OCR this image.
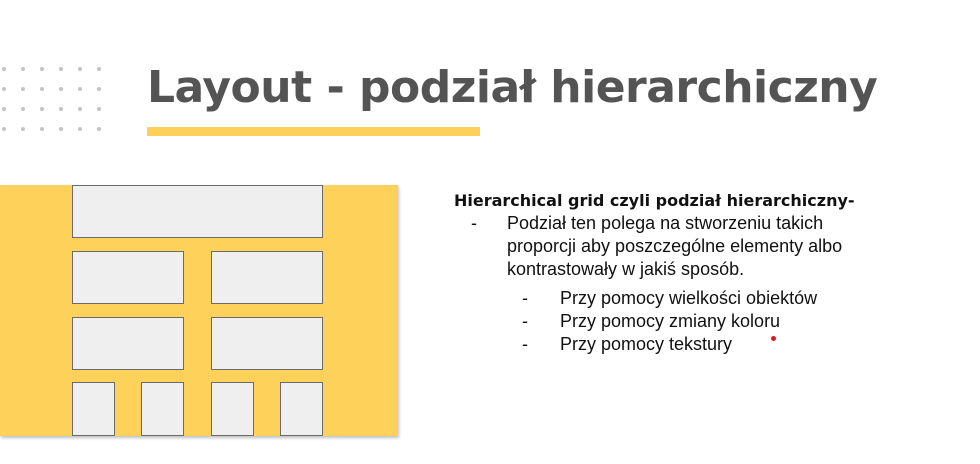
Layout - podział hierarchiczny
Hierarchical grid czyli podział hierarchiczny-
- Podział ten polega na stworzeniu takich
proporcji aby poszczególne elementy albo
kontrastowały w jakiś sposób.
- Przy pomocy wielkości obiektów
- Przy pomocy zmiany koloru
- Przy pomocy tekstury
